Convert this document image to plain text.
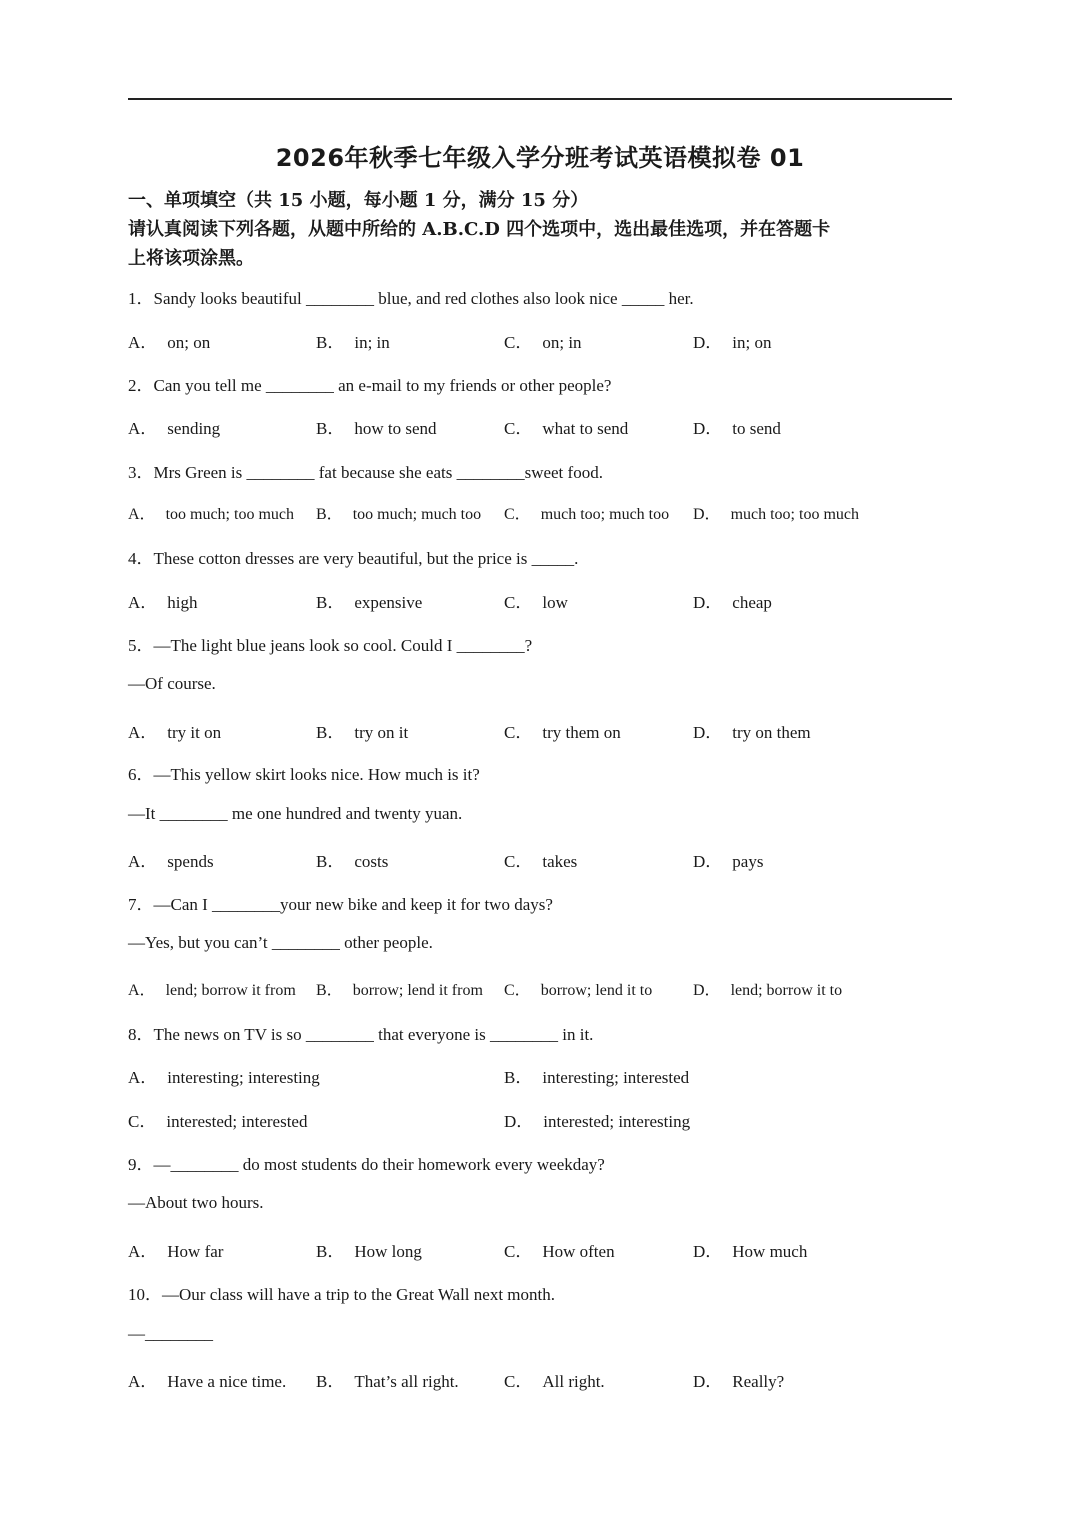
2026年秋季七年级入学分班考试英语模拟卷 01
一、单项填空（共 15 小题，每小题 1 分，满分 15 分）
请认真阅读下列各题，从题中所给的 A.B.C.D 四个选项中，选出最佳选项，并在答题卡
上将该项涂黑。
1．Sandy looks beautiful ________ blue, and red clothes also look nice _____ her.
A． on; on	B． in; in	C． on; in	D． in; on
2．Can you tell me ________ an e-mail to my friends or other people?
A． sending	B． how to send	C． what to send	D． to send
3．Mrs Green is ________ fat because she eats ________sweet food.
A． too much; too much B． too much; much too C． much too; much too D． much too; too much
4．These cotton dresses are very beautiful, but the price is _____.
A． high	B． expensive	C． low	D． cheap
5．—The light blue jeans look so cool. Could I ________?
—Of course.
A． try it on	B． try on it	C． try them on	D． try on them
6．—This yellow skirt looks nice. How much is it?
—It ________ me one hundred and twenty yuan.
A． spends	B． costs	C． takes	D． pays
7．—Can I ________your new bike and keep it for two days?
—Yes, but you can’t ________ other people.
A． lend; borrow it from B． borrow; lend it from C． borrow; lend it to	D． lend; borrow it to
8．The news on TV is so ________ that everyone is ________ in it.
A． interesting; interesting	B． interesting; interested
C． interested; interested	D． interested; interesting
9．—________ do most students do their homework every weekday?
—About two hours.
A． How far	B． How long	C． How often	D． How much
10．—Our class will have a trip to the Great Wall next month.
—________
A． Have a nice time. B． That’s all right.	C． All right.	D． Really?
